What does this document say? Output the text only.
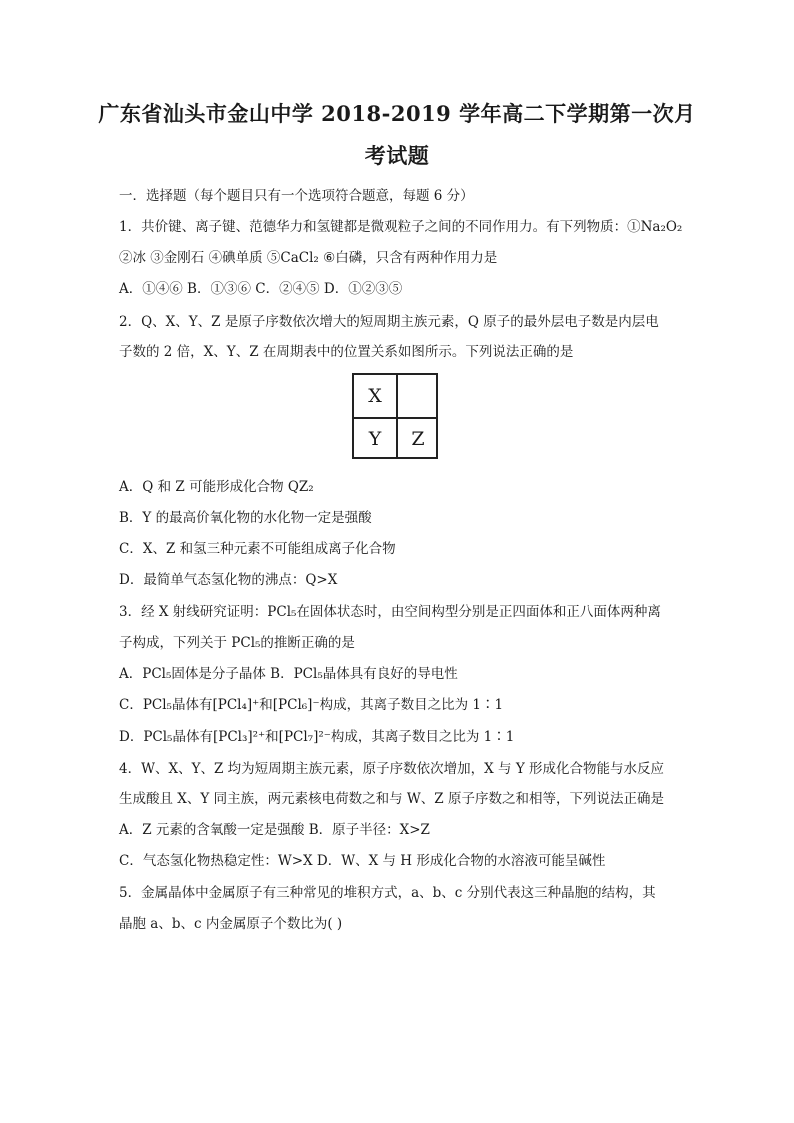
广东省汕头市金山中学 2018-2019 学年高二下学期第一次月
考试题
一．选择题（每个题目只有一个选项符合题意，每题 6 分）
1．共价键、离子键、范德华力和氢键都是微观粒子之间的不同作用力。有下列物质：①Na₂O₂
②冰 ③金刚石 ④碘单质 ⑤CaCl₂ ⑥白磷，只含有两种作用力是
A．①④⑥ B．①③⑥ C．②④⑤ D．①②③⑤
2．Q、X、Y、Z 是原子序数依次增大的短周期主族元素，Q 原子的最外层电子数是内层电
子数的 2 倍，X、Y、Z 在周期表中的位置关系如图所示。下列说法正确的是
X
Y	Z
A．Q 和 Z 可能形成化合物 QZ₂
B．Y 的最高价氧化物的水化物一定是强酸
C．X、Z 和氢三种元素不可能组成离子化合物
D．最简单气态氢化物的沸点：Q>X
3．经 X 射线研究证明：PCl₅在固体状态时，由空间构型分别是正四面体和正八面体两种离
子构成，下列关于 PCl₅的推断正确的是
A．PCl₅固体是分子晶体 B．PCl₅晶体具有良好的导电性
C．PCl₅晶体有[PCl₄]⁺和[PCl₆]⁻构成，其离子数目之比为 1∶1
D．PCl₅晶体有[PCl₃]²⁺和[PCl₇]²⁻构成，其离子数目之比为 1∶1
4．W、X、Y、Z 均为短周期主族元素，原子序数依次增加，X 与 Y 形成化合物能与水反应
生成酸且 X、Y 同主族，两元素核电荷数之和与 W、Z 原子序数之和相等，下列说法正确是
A．Z 元素的含氧酸一定是强酸 B．原子半径：X>Z
C．气态氢化物热稳定性：W>X D．W、X 与 H 形成化合物的水溶液可能呈碱性
5．金属晶体中金属原子有三种常见的堆积方式，a、b、c 分别代表这三种晶胞的结构，其
晶胞 a、b、c 内金属原子个数比为( )
